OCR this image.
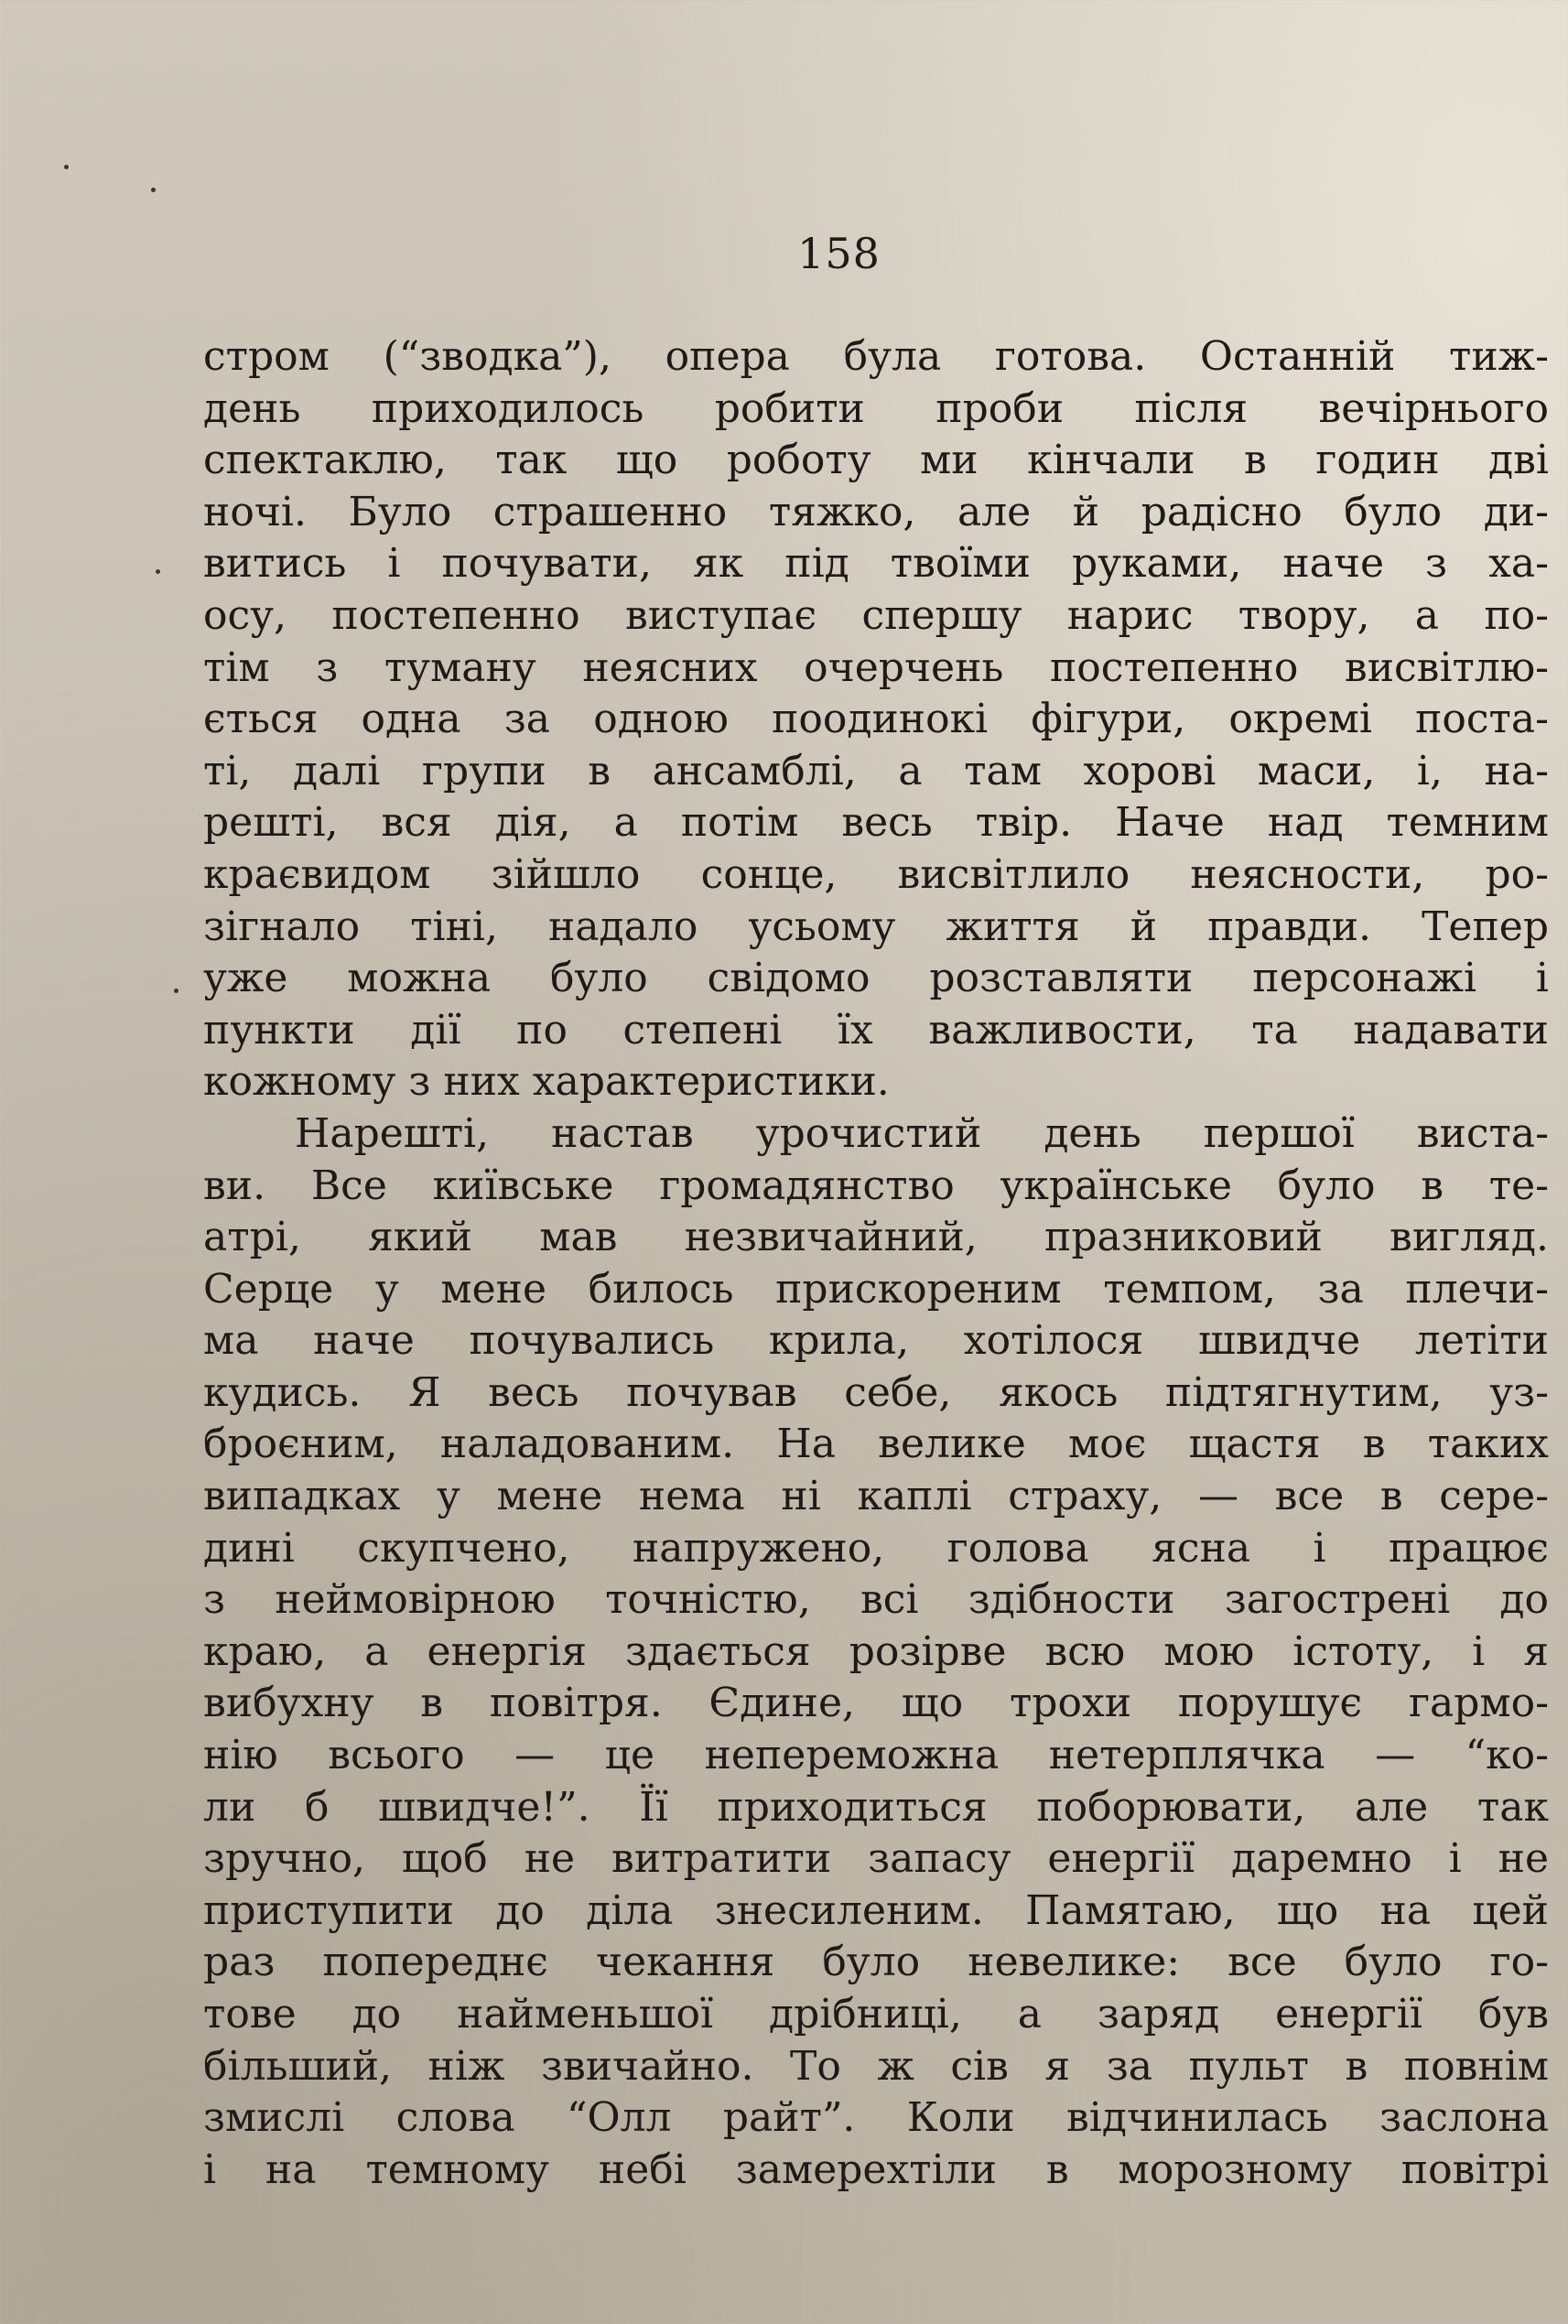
158
стром (“зводка”), опера була готова. Останній тиж-
день приходилось робити проби після вечірнього
спектаклю, так що роботу ми кінчали в годин дві
ночі. Було страшенно тяжко, але й радісно було ди-
витись і почувати, як під твоїми руками, наче з ха-
осу, постепенно виступає спершу нарис твору, а по-
тім з туману неясних очерчень постепенно висвітлю-
ється одна за одною поодинокі фігури, окремі поста-
ті, далі групи в ансамблі, а там хорові маси, і, на-
решті, вся дія, а потім весь твір. Наче над темним
краєвидом зійшло сонце, висвітлило неясности, ро-
зігнало тіні, надало усьому життя й правди. Тепер
уже можна було свідомо розставляти персонажі і
пункти дії по степені їх важливости, та надавати
кожному з них характеристики.
Нарешті, настав урочистий день першої виста-
ви. Все київське громадянство українське було в те-
атрі, який мав незвичайний, празниковий вигляд.
Серце у мене билось прискореним темпом, за плечи-
ма наче почувались крила, хотілося швидче летіти
кудись. Я весь почував себе, якось підтягнутим, уз-
броєним, наладованим. На велике моє щастя в таких
випадках у мене нема ні каплі страху, — все в сере-
дині скупчено, напружено, голова ясна і працює
з неймовірною точністю, всі здібности загострені до
краю, а енергія здається розірве всю мою істоту, і я
вибухну в повітря. Єдине, що трохи порушує гармо-
нію всього — це непереможна нетерплячка — “ко-
ли б швидче!”. Її приходиться поборювати, але так
зручно, щоб не витратити запасу енергії даремно і не
приступити до діла знесиленим. Памятаю, що на цей
раз попереднє чекання було невелике: все було го-
тове до найменьшої дрібниці, а заряд енергії був
більший, ніж звичайно. То ж сів я за пульт в повнім
змислі слова “Олл райт”. Коли відчинилась заслона
і на темному небі замерехтіли в морозному повітрі
